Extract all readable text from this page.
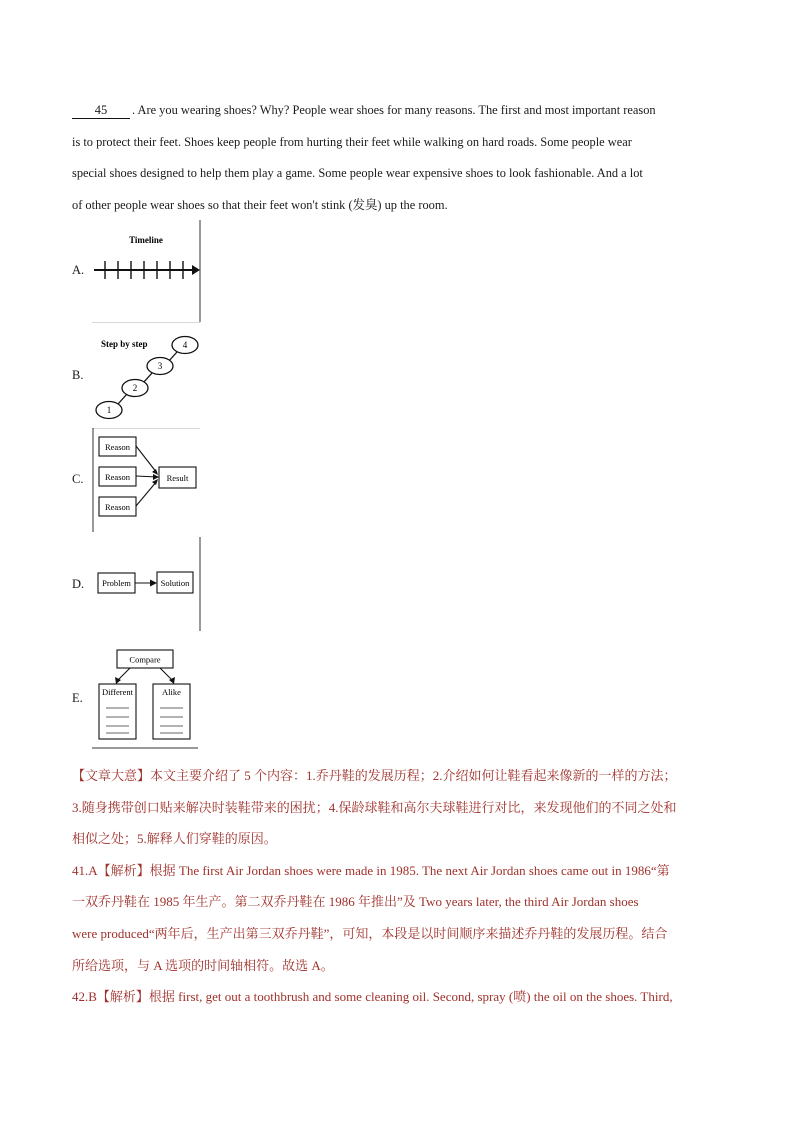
45 . Are you wearing shoes? Why? People wear shoes for many reasons. The first and most important reason

is to protect their feet. Shoes keep people from hurting their feet while walking on hard roads. Some people wear

special shoes designed to help them play a game. Some people wear expensive shoes to look fashionable. And a lot

of other people wear shoes so that their feet won't stink (发臭) up the room.

A.
Timeline
B.
Step by step
1
2
3
4
C.
Reason
Reason
Reason
Result
D. Problem	Solution
E.
Compare
Different	Alike

【文章大意】本文主要介绍了 5 个内容：1.乔丹鞋的发展历程；2.介绍如何让鞋看起来像新的一样的方法；

3.随身携带创口贴来解决时装鞋带来的困扰；4.保龄球鞋和高尔夫球鞋进行对比，来发现他们的不同之处和

相似之处；5.解释人们穿鞋的原因。

41.A【解析】根据 The first Air Jordan shoes were made in 1985. The next Air Jordan shoes came out in 1986“第

一双乔丹鞋在 1985 年生产。第二双乔丹鞋在 1986 年推出”及 Two years later, the third Air Jordan shoes

were produced“两年后，生产出第三双乔丹鞋”，可知，本段是以时间顺序来描述乔丹鞋的发展历程。结合

所给选项，与 A 选项的时间轴相符。故选 A。

42.B【解析】根据 first, get out a toothbrush and some cleaning oil. Second, spray (喷) the oil on the shoes. Third,
